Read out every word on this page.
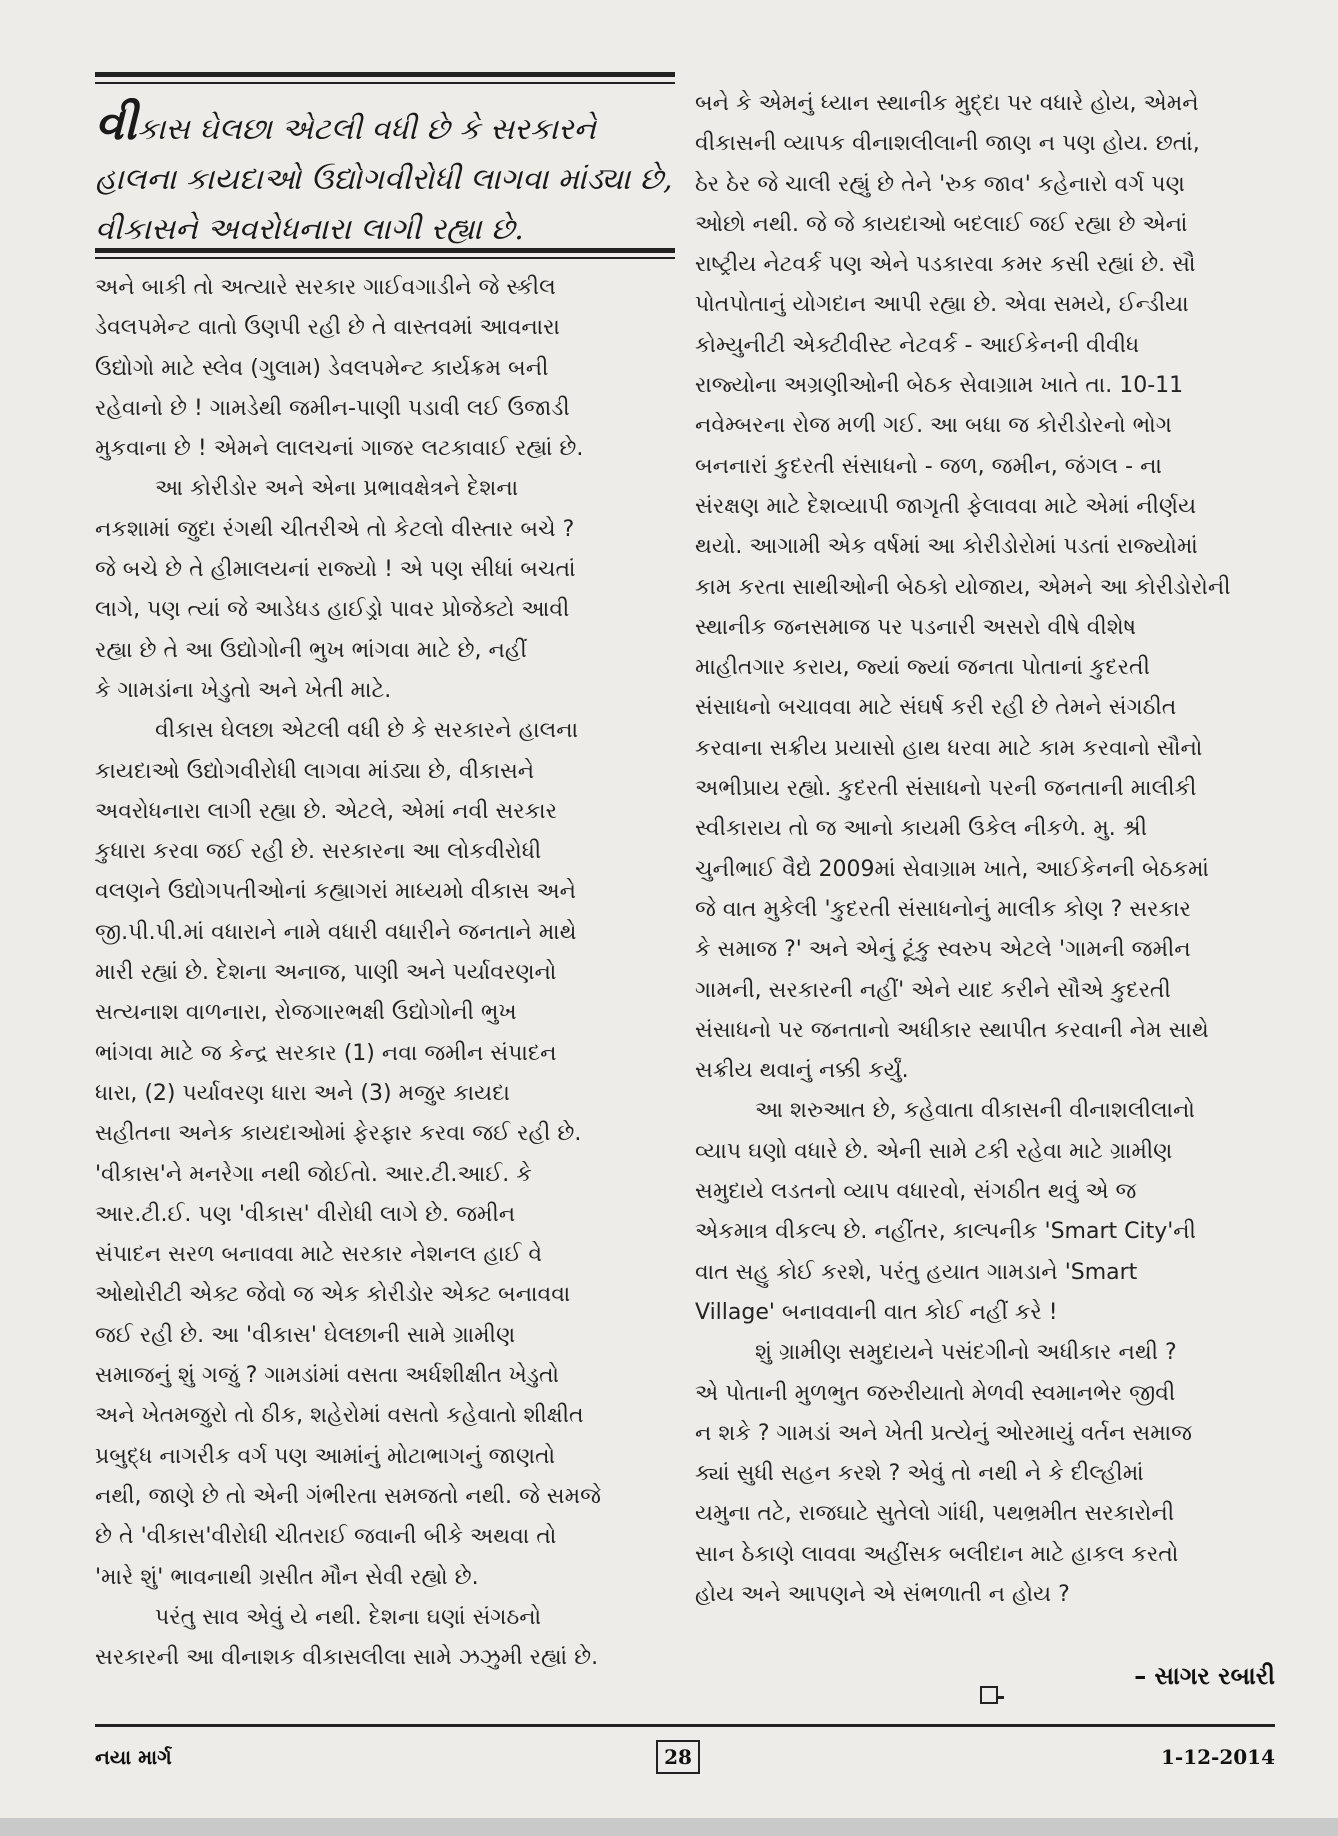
વીકાસ ઘેલછા એટલી વધી છે કે સરકારને
હાલના કાયદાઓ ઉદ્યોગવીરોધી લાગવા માંડ્યા છે,
વીકાસને અવરોધનારા લાગી રહ્યા છે.
અને બાકી તો અત્યારે સરકાર ગાઈવગાડીને જે સ્કીલ
ડેવલપમેન્ટ વાતો ઉણપી રહી છે તે વાસ્તવમાં આવનારા
ઉદ્યોગો માટે સ્લેવ (ગુલામ) ડેવલપમેન્ટ કાર્યક્રમ બની
રહેવાનો છે ! ગામડેથી જમીન-પાણી પડાવી લઈ ઉજાડી
મુકવાના છે ! એમને લાલચનાં ગાજર લટકાવાઈ રહ્યાં છે.
આ કોરીડોર અને એના પ્રભાવક્ષેત્રને દેશના
નકશામાં જુદા રંગથી ચીતરીએ તો કેટલો વીસ્તાર બચે ?
જે બચે છે તે હીમાલયનાં રાજ્યો ! એ પણ સીધાં બચતાં
લાગે, પણ ત્યાં જે આડેધડ હાઈડ્રો પાવર પ્રોજેક્ટો આવી
રહ્યા છે તે આ ઉદ્યોગોની ભુખ ભાંગવા માટે છે, નહીં
કે ગામડાંના ખેડુતો અને ખેતી માટે.
વીકાસ ઘેલછા એટલી વધી છે કે સરકારને હાલના
કાયદાઓ ઉદ્યોગવીરોધી લાગવા માંડ્યા છે, વીકાસને
અવરોધનારા લાગી રહ્યા છે. એટલે, એમાં નવી સરકાર
કુધારા કરવા જઈ રહી છે. સરકારના આ લોકવીરોધી
વલણને ઉદ્યોગપતીઓનાં કહ્યાગરાં માધ્યમો વીકાસ અને
જી.પી.પી.માં વધારાને નામે વધારી વધારીને જનતાને માથે
મારી રહ્યાં છે. દેશના અનાજ, પાણી અને પર્યાવરણનો
સત્યનાશ વાળનારા, રોજગારભક્ષી ઉદ્યોગોની ભુખ
ભાંગવા માટે જ કેન્દ્ર સરકાર (1) નવા જમીન સંપાદન
ધારા, (2) પર્યાવરણ ધારા અને (3) મજુર કાયદા
સહીતના અનેક કાયદાઓમાં ફેરફાર કરવા જઈ રહી છે.
'વીકાસ'ને મનરેગા નથી જોઈતો. આર.ટી.આઈ. કે
આર.ટી.ઈ. પણ 'વીકાસ' વીરોધી લાગે છે. જમીન
સંપાદન સરળ બનાવવા માટે સરકાર નેશનલ હાઈ વે
ઓથોરીટી એક્ટ જેવો જ એક કોરીડોર એક્ટ બનાવવા
જઈ રહી છે. આ 'વીકાસ' ઘેલછાની સામે ગ્રામીણ
સમાજનું શું ગજું ? ગામડાંમાં વસતા અર્ધશીક્ષીત ખેડુતો
અને ખેતમજુરો તો ઠીક, શહેરોમાં વસતો કહેવાતો શીક્ષીત
પ્રબુદ્ધ નાગરીક વર્ગ પણ આમાંનું મોટાભાગનું જાણતો
નથી, જાણે છે તો એની ગંભીરતા સમજતો નથી. જે સમજે
છે તે 'વીકાસ'વીરોધી ચીતરાઈ જવાની બીકે અથવા તો
'મારે શું' ભાવનાથી ગ્રસીત મૌન સેવી રહ્યો છે.
પરંતુ સાવ એવું યે નથી. દેશના ઘણાં સંગઠનો
સરકારની આ વીનાશક વીકાસલીલા સામે ઝઝુમી રહ્યાં છે.
બને કે એમનું ધ્યાન સ્થાનીક મુદ્દા પર વધારે હોય, એમને
વીકાસની વ્યાપક વીનાશલીલાની જાણ ન પણ હોય. છતાં,
ઠેર ઠેર જે ચાલી રહ્યું છે તેને 'રુક જાવ' કહેનારો વર્ગ પણ
ઓછો નથી. જે જે કાયદાઓ બદલાઈ જઈ રહ્યા છે એનાં
રાષ્ટ્રીય નેટવર્ક પણ એને પડકારવા કમર કસી રહ્યાં છે. સૌ
પોતપોતાનું યોગદાન આપી રહ્યા છે. એવા સમયે, ઈન્ડીયા
કોમ્યુનીટી એક્ટીવીસ્ટ નેટવર્ક - આઈકેનની વીવીધ
રાજ્યોના અગ્રણીઓની બેઠક સેવાગ્રામ ખાતે તા. 10-11
નવેમ્બરના રોજ મળી ગઈ. આ બધા જ કોરીડોરનો ભોગ
બનનારાં કુદરતી સંસાધનો - જળ, જમીન, જંગલ - ના
સંરક્ષણ માટે દેશવ્યાપી જાગૃતી ફેલાવવા માટે એમાં નીર્ણય
થયો. આગામી એક વર્ષમાં આ કોરીડોરોમાં પડતાં રાજ્યોમાં
કામ કરતા સાથીઓની બેઠકો યોજાય, એમને આ કોરીડોરોની
સ્થાનીક જનસમાજ પર પડનારી અસરો વીષે વીશેષ
માહીતગાર કરાય, જ્યાં જ્યાં જનતા પોતાનાં કુદરતી
સંસાધનો બચાવવા માટે સંઘર્ષ કરી રહી છે તેમને સંગઠીત
કરવાના સક્રીય પ્રયાસો હાથ ધરવા માટે કામ કરવાનો સૌનો
અભીપ્રાય રહ્યો. કુદરતી સંસાધનો પરની જનતાની માલીકી
સ્વીકારાય તો જ આનો કાયમી ઉકેલ નીકળે. મુ. શ્રી
ચુનીભાઈ વૈદ્યે 2009માં સેવાગ્રામ ખાતે, આઈકેનની બેઠકમાં
જે વાત મુકેલી 'કુદરતી સંસાધનોનું માલીક કોણ ? સરકાર
કે સમાજ ?' અને એનું ટૂંકુ સ્વરુપ એટલે 'ગામની જમીન
ગામની, સરકારની નહીં' એને યાદ કરીને સૌએ કુદરતી
સંસાધનો પર જનતાનો અધીકાર સ્થાપીત કરવાની નેમ સાથે
સક્રીય થવાનું નક્કી કર્યું.
આ શરુઆત છે, કહેવાતા વીકાસની વીનાશલીલાનો
વ્યાપ ઘણો વધારે છે. એની સામે ટકી રહેવા માટે ગ્રામીણ
સમુદાયે લડતનો વ્યાપ વધારવો, સંગઠીત થવું એ જ
એકમાત્ર વીકલ્પ છે. નહીંતર, કાલ્પનીક 'Smart City'ની
વાત સહુ કોઈ કરશે, પરંતુ હયાત ગામડાને 'Smart
Village' બનાવવાની વાત કોઈ નહીં કરે !
શું ગ્રામીણ સમુદાયને પસંદગીનો અધીકાર નથી ?
એ પોતાની મુળભુત જરુરીયાતો મેળવી સ્વમાનભેર જીવી
ન શકે ? ગામડાં અને ખેતી પ્રત્યેનું ઓરમાયું વર્તન સમાજ
ક્યાં સુધી સહન કરશે ? એવું તો નથી ને કે દીલ્હીમાં
યમુના તટે, રાજઘાટે સુતેલો ગાંધી, પથભ્રમીત સરકારોની
સાન ઠેકાણે લાવવા અહીંસક બલીદાન માટે હાકલ કરતો
હોય અને આપણને એ સંભળાતી ન હોય ?
– સાગર રબારી
નયા માર્ગ	28	1-12-2014
